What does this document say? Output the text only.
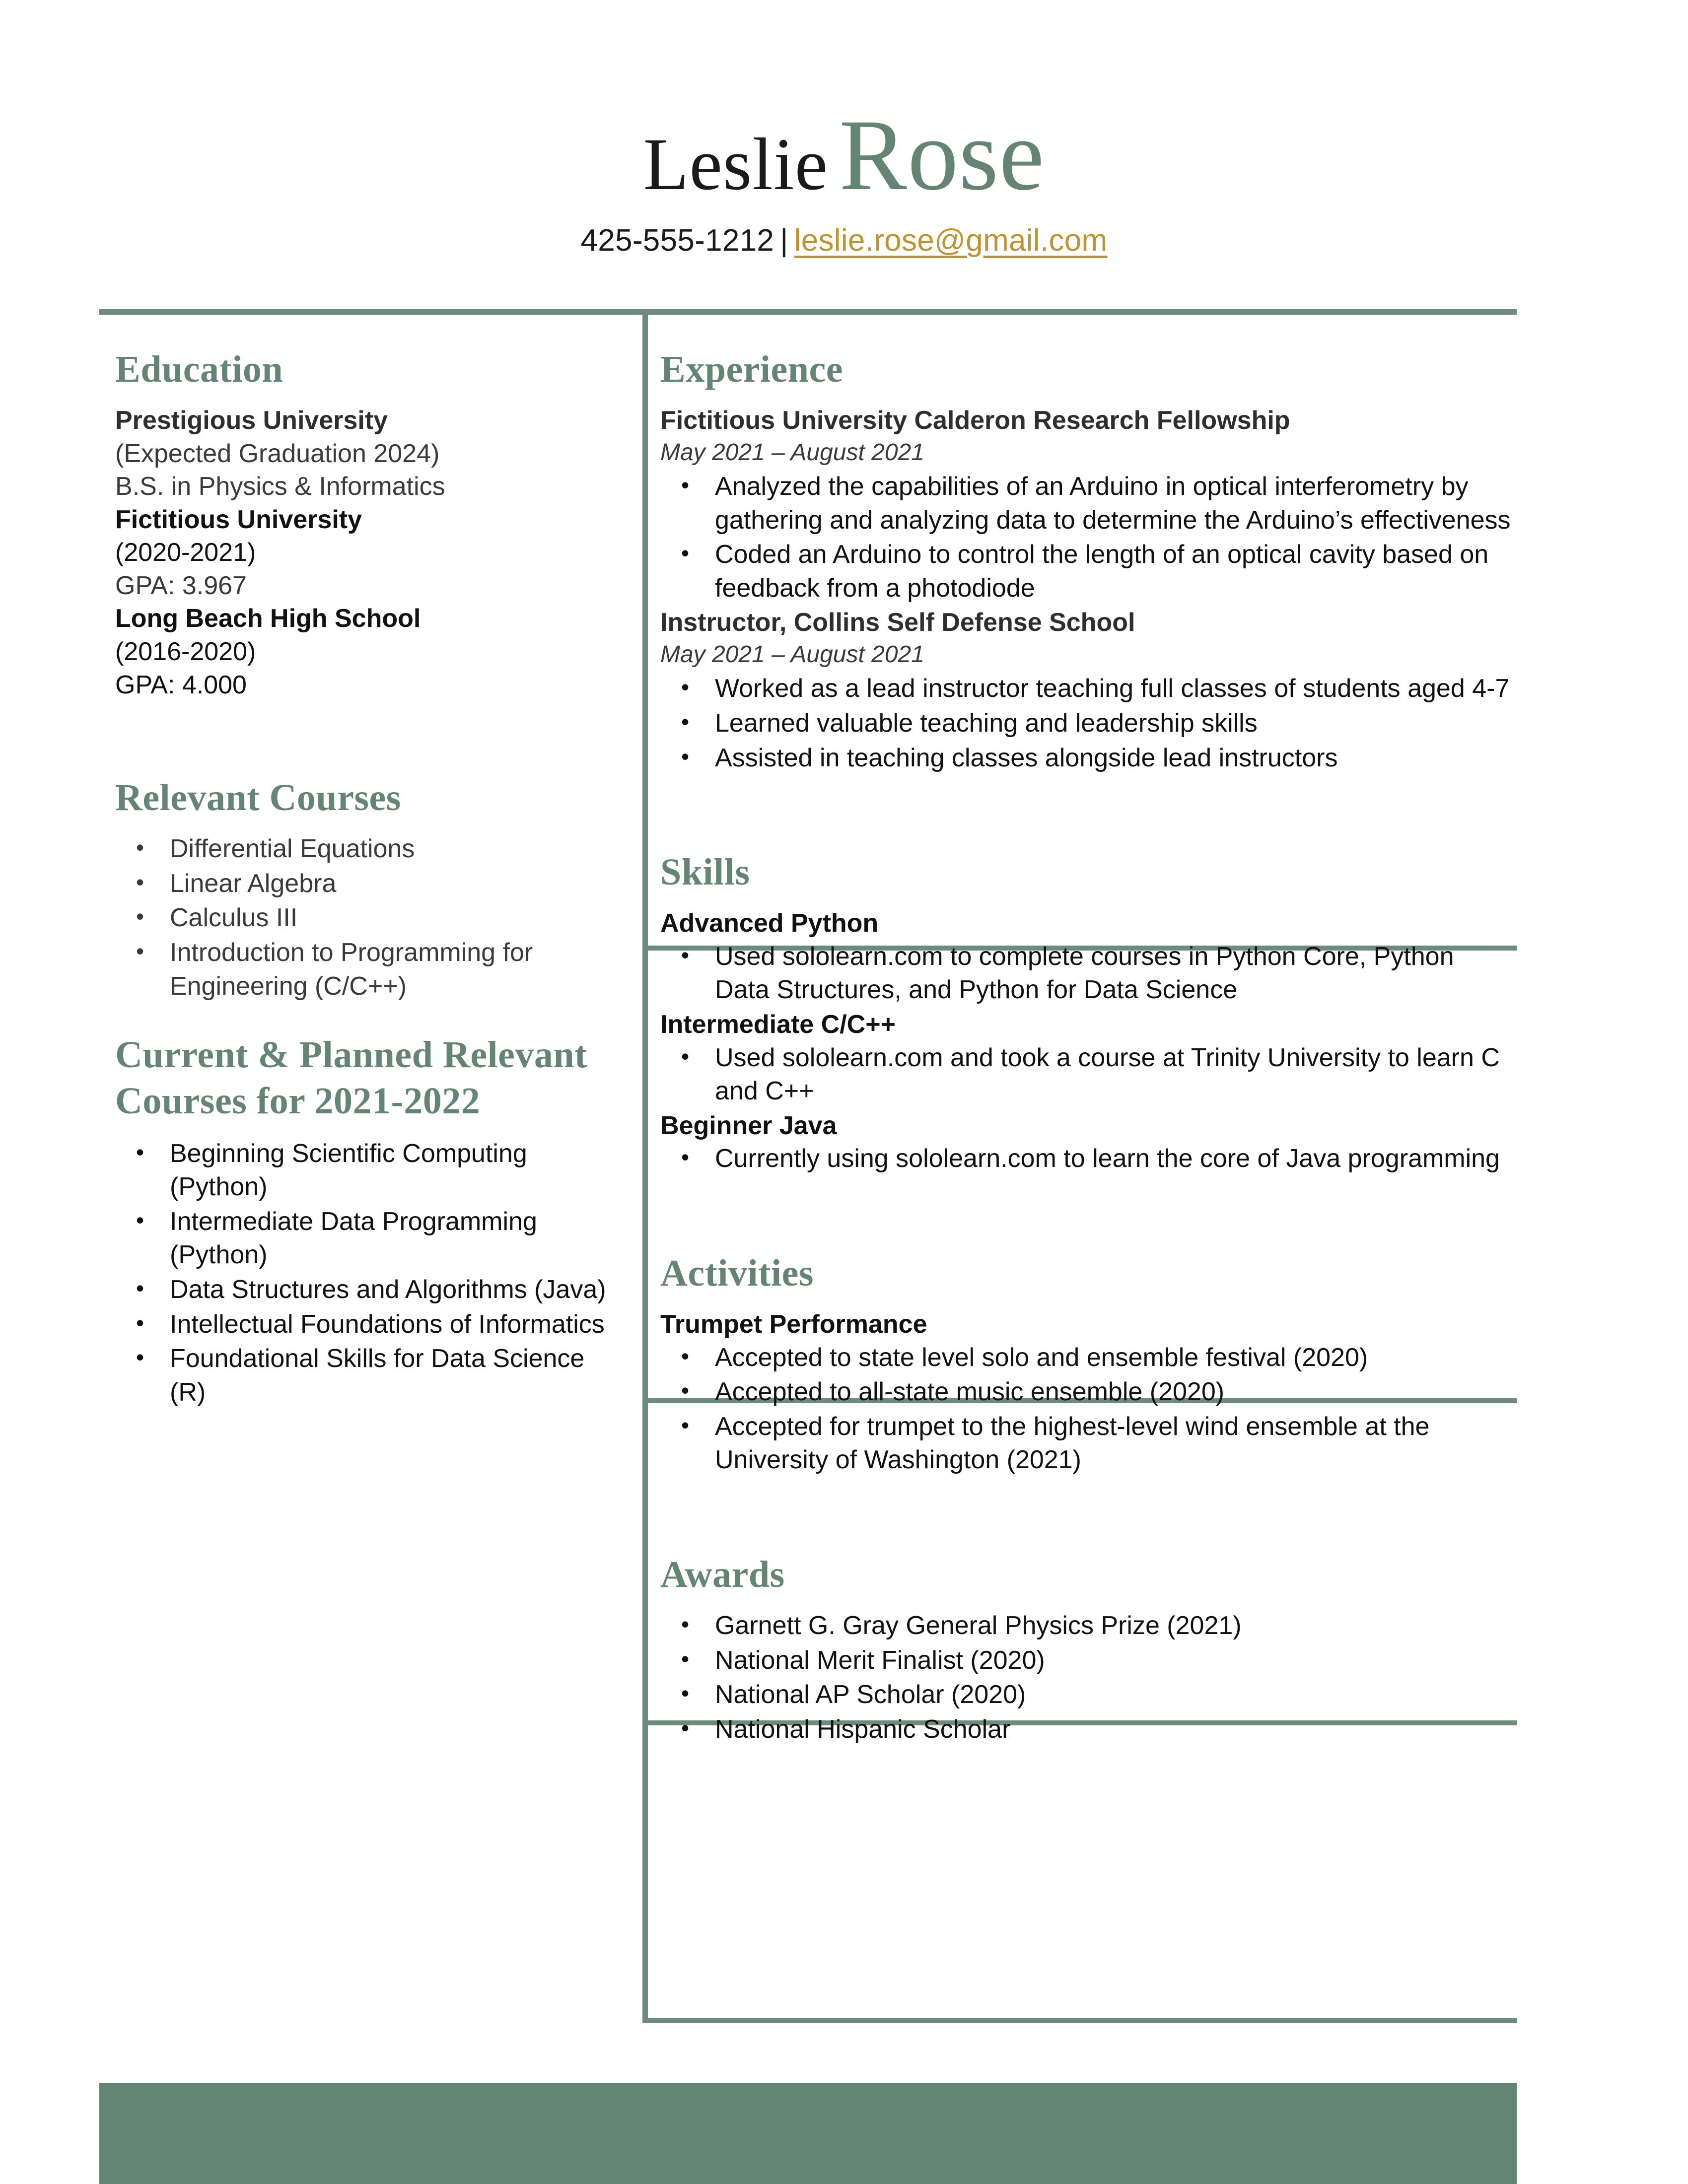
Leslie Rose
425-555-1212 | leslie.rose@gmail.com
Education

Prestigious University

(Expected Graduation 2024)

B.S. in Physics & Informatics

Fictitious University

(2020-2021)

GPA: 3.967

Long Beach High School

(2016-2020)

GPA: 4.000

Relevant Courses
• Differential Equations
• Linear Algebra
• Calculus III
• Introduction to Programming for Engineering (C/C++)
Current & Planned Relevant Courses for 2021-2022
• Beginning Scientific Computing (Python)
• Intermediate Data Programming (Python)
• Data Structures and Algorithms (Java)
• Intellectual Foundations of Informatics
• Foundational Skills for Data Science (R)
Experience

Fictitious University Calderon Research Fellowship

May 2021 – August 2021

• Analyzed the capabilities of an Arduino in optical interferometry by gathering and analyzing data to determine the Arduino’s effectiveness
• Coded an Arduino to control the length of an optical cavity based on feedback from a photodiode

Instructor, Collins Self Defense School

May 2021 – August 2021

• Worked as a lead instructor teaching full classes of students aged 4-7
• Learned valuable teaching and leadership skills
• Assisted in teaching classes alongside lead instructors
Skills

Advanced Python

• Used sololearn.com to complete courses in Python Core, Python Data Structures, and Python for Data Science

Intermediate C/C++

• Used sololearn.com and took a course at Trinity University to learn C and C++

Beginner Java

• Currently using sololearn.com to learn the core of Java programming
Activities

Trumpet Performance

• Accepted to state level solo and ensemble festival (2020)
• Accepted to all-state music ensemble (2020)
• Accepted for trumpet to the highest-level wind ensemble at the University of Washington (2021)
Awards
• Garnett G. Gray General Physics Prize (2021)
• National Merit Finalist (2020)
• National AP Scholar (2020)
• National Hispanic Scholar
